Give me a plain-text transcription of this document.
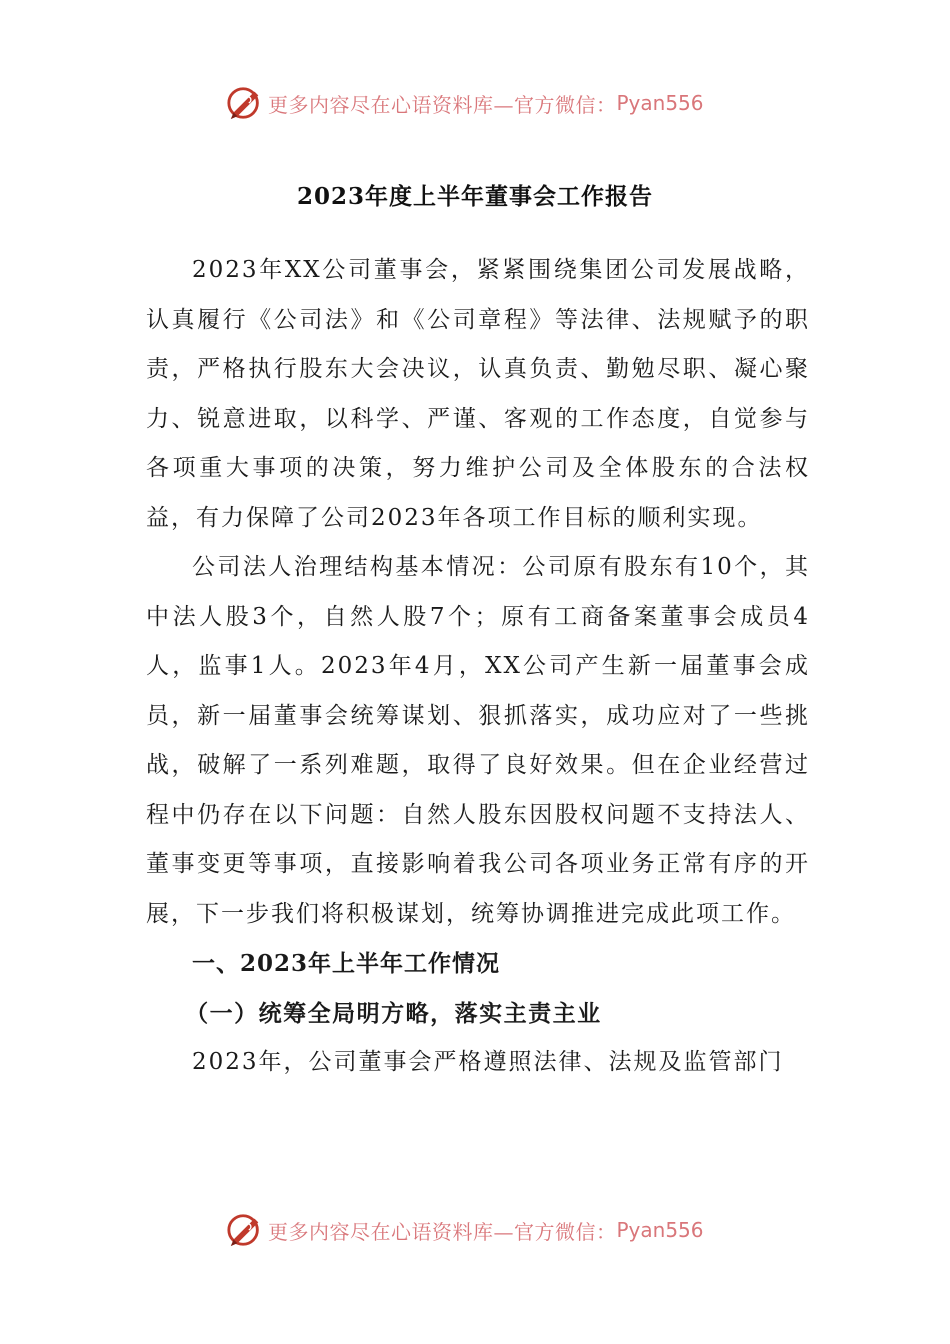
更多内容尽在心语资料库—官方微信： Pyan556
2023年度上半年董事会工作报告

2023年XX公司董事会，紧紧围绕集团公司发展战略，认真履行《公司法》和《公司章程》等法律、法规赋予的职责，严格执行股东大会决议，认真负责、勤勉尽职、凝心聚力、锐意进取，以科学、严谨、客观的工作态度，自觉参与各项重大事项的决策，努力维护公司及全体股东的合法权益，有力保障了公司2023年各项工作目标的顺利实现。

公司法人治理结构基本情况：公司原有股东有10个，其中法人股3个，自然人股7个；原有工商备案董事会成员4人，监事1人。2023年4月，XX公司产生新一届董事会成员，新一届董事会统筹谋划、狠抓落实，成功应对了一些挑战，破解了一系列难题，取得了良好效果。但在企业经营过程中仍存在以下问题：自然人股东因股权问题不支持法人、董事变更等事项，直接影响着我公司各项业务正常有序的开展，下一步我们将积极谋划，统筹协调推进完成此项工作。

一、2023年上半年工作情况

（一）统筹全局明方略，落实主责主业

2023年，公司董事会严格遵照法律、法规及监管部门

更多内容尽在心语资料库—官方微信： Pyan556
